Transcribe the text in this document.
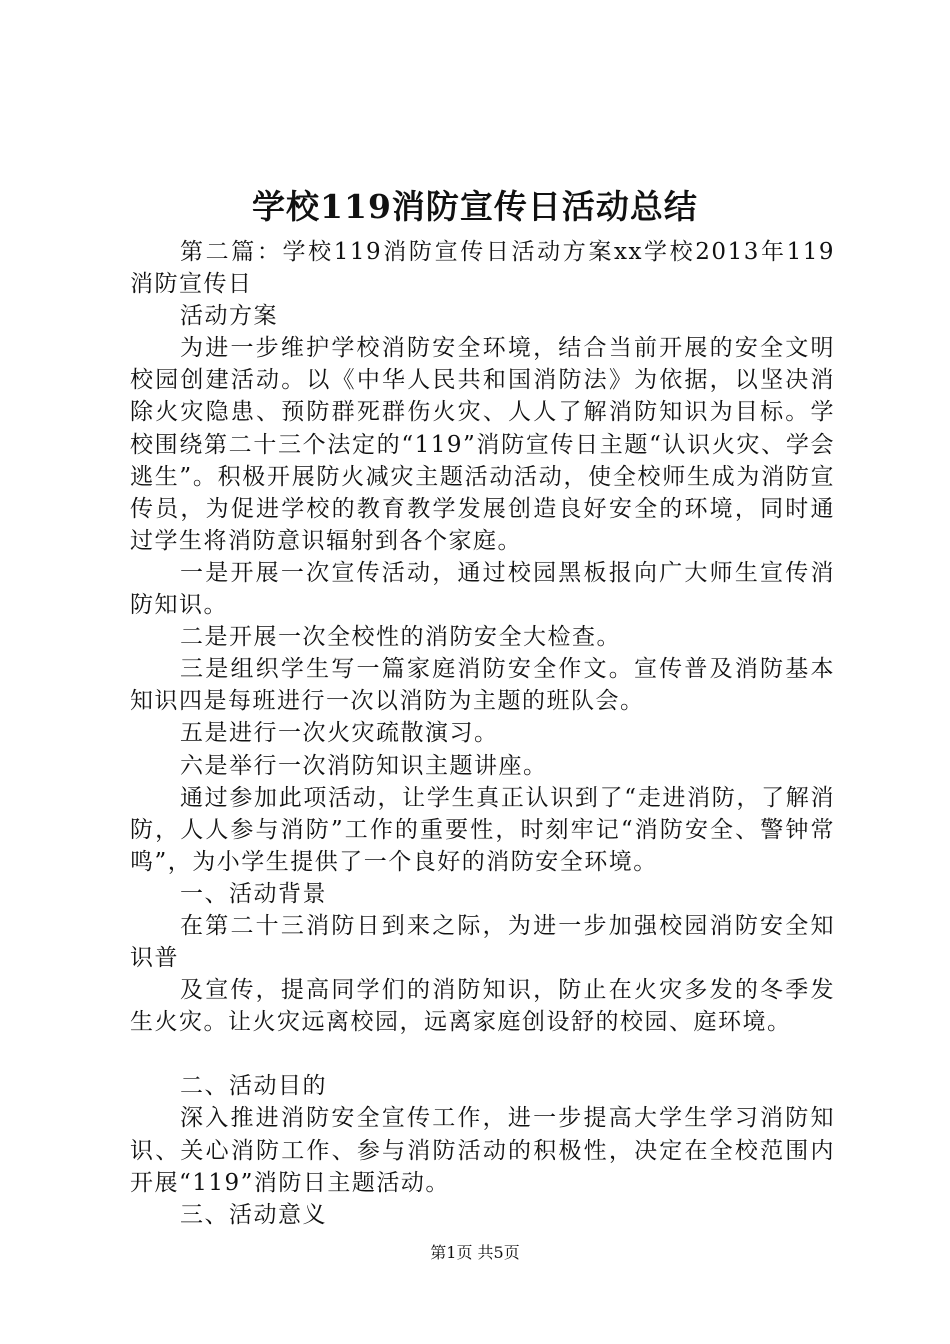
学校119消防宣传日活动总结

第二篇：学校119消防宣传日活动方案xx学校2013年119消防宣传日

活动方案

为进一步维护学校消防安全环境，结合当前开展的安全文明校园创建活动。以《中华人民共和国消防法》为依据，以坚决消除火灾隐患、预防群死群伤火灾、人人了解消防知识为目标。学校围绕第二十三个法定的“119”消防宣传日主题“认识火灾、学会逃生”。积极开展防火减灾主题活动活动，使全校师生成为消防宣传员，为促进学校的教育教学发展创造良好安全的环境，同时通过学生将消防意识辐射到各个家庭。

一是开展一次宣传活动，通过校园黑板报向广大师生宣传消防知识。

二是开展一次全校性的消防安全大检查。

三是组织学生写一篇家庭消防安全作文。宣传普及消防基本知识四是每班进行一次以消防为主题的班队会。

五是进行一次火灾疏散演习。

六是举行一次消防知识主题讲座。

通过参加此项活动，让学生真正认识到了“走进消防，了解消防，人人参与消防”工作的重要性，时刻牢记“消防安全、警钟常鸣”，为小学生提供了一个良好的消防安全环境。

一、活动背景

在第二十三消防日到来之际，为进一步加强校园消防安全知识普

及宣传，提高同学们的消防知识，防止在火灾多发的冬季发生火灾。让火灾远离校园，远离家庭创设舒的校园、庭环境。

二、活动目的

深入推进消防安全宣传工作，进一步提高大学生学习消防知识、关心消防工作、参与消防活动的积极性，决定在全校范围内开展“119”消防日主题活动。

三、活动意义

第1页 共5页
